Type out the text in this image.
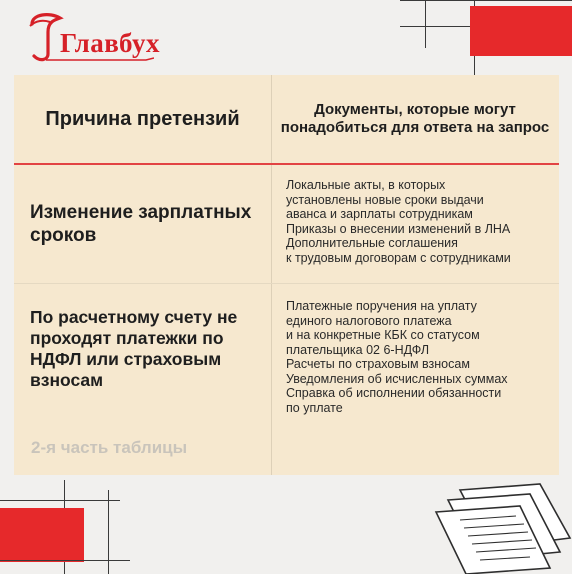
Главбух
Причина претензий	Документы, которые могут понадобиться для ответа на запрос
Изменение зарплатных сроков
Локальные акты, в которых
установлены новые сроки выдачи
аванса и зарплаты сотрудникам
Приказы о внесении изменений в ЛНА
Дополнительные соглашения
к трудовым договорам с сотрудниками
По расчетному счету не проходят платежки по НДФЛ или страховым взносам
Платежные поручения на уплату
единого налогового платежа
и на конкретные КБК со статусом
плательщика 02 6-НДФЛ
Расчеты по страховым взносам
Уведомления об исчисленных суммах
Справка об исполнении обязанности
по уплате
2-я часть таблицы
